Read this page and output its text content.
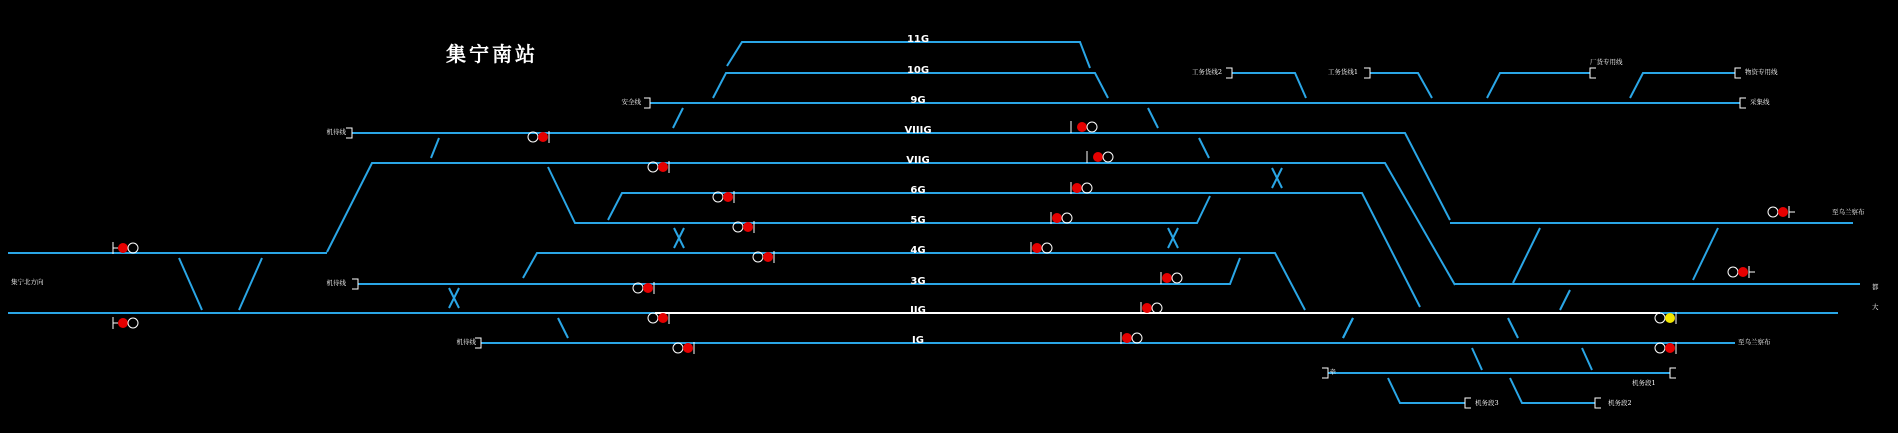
集宁南站
11G
10G
9G
VIIIG
VIIG
6G
5G
4G
3G
IIG
IG
安全线
机待线
机待线
机待线
集宁北方向
工务货线2	工务货线1
厂货专用线
物资专用线
采集线
至乌兰察布
至乌兰察布
都
大
牵
机务段1
机务段2
机务段3
